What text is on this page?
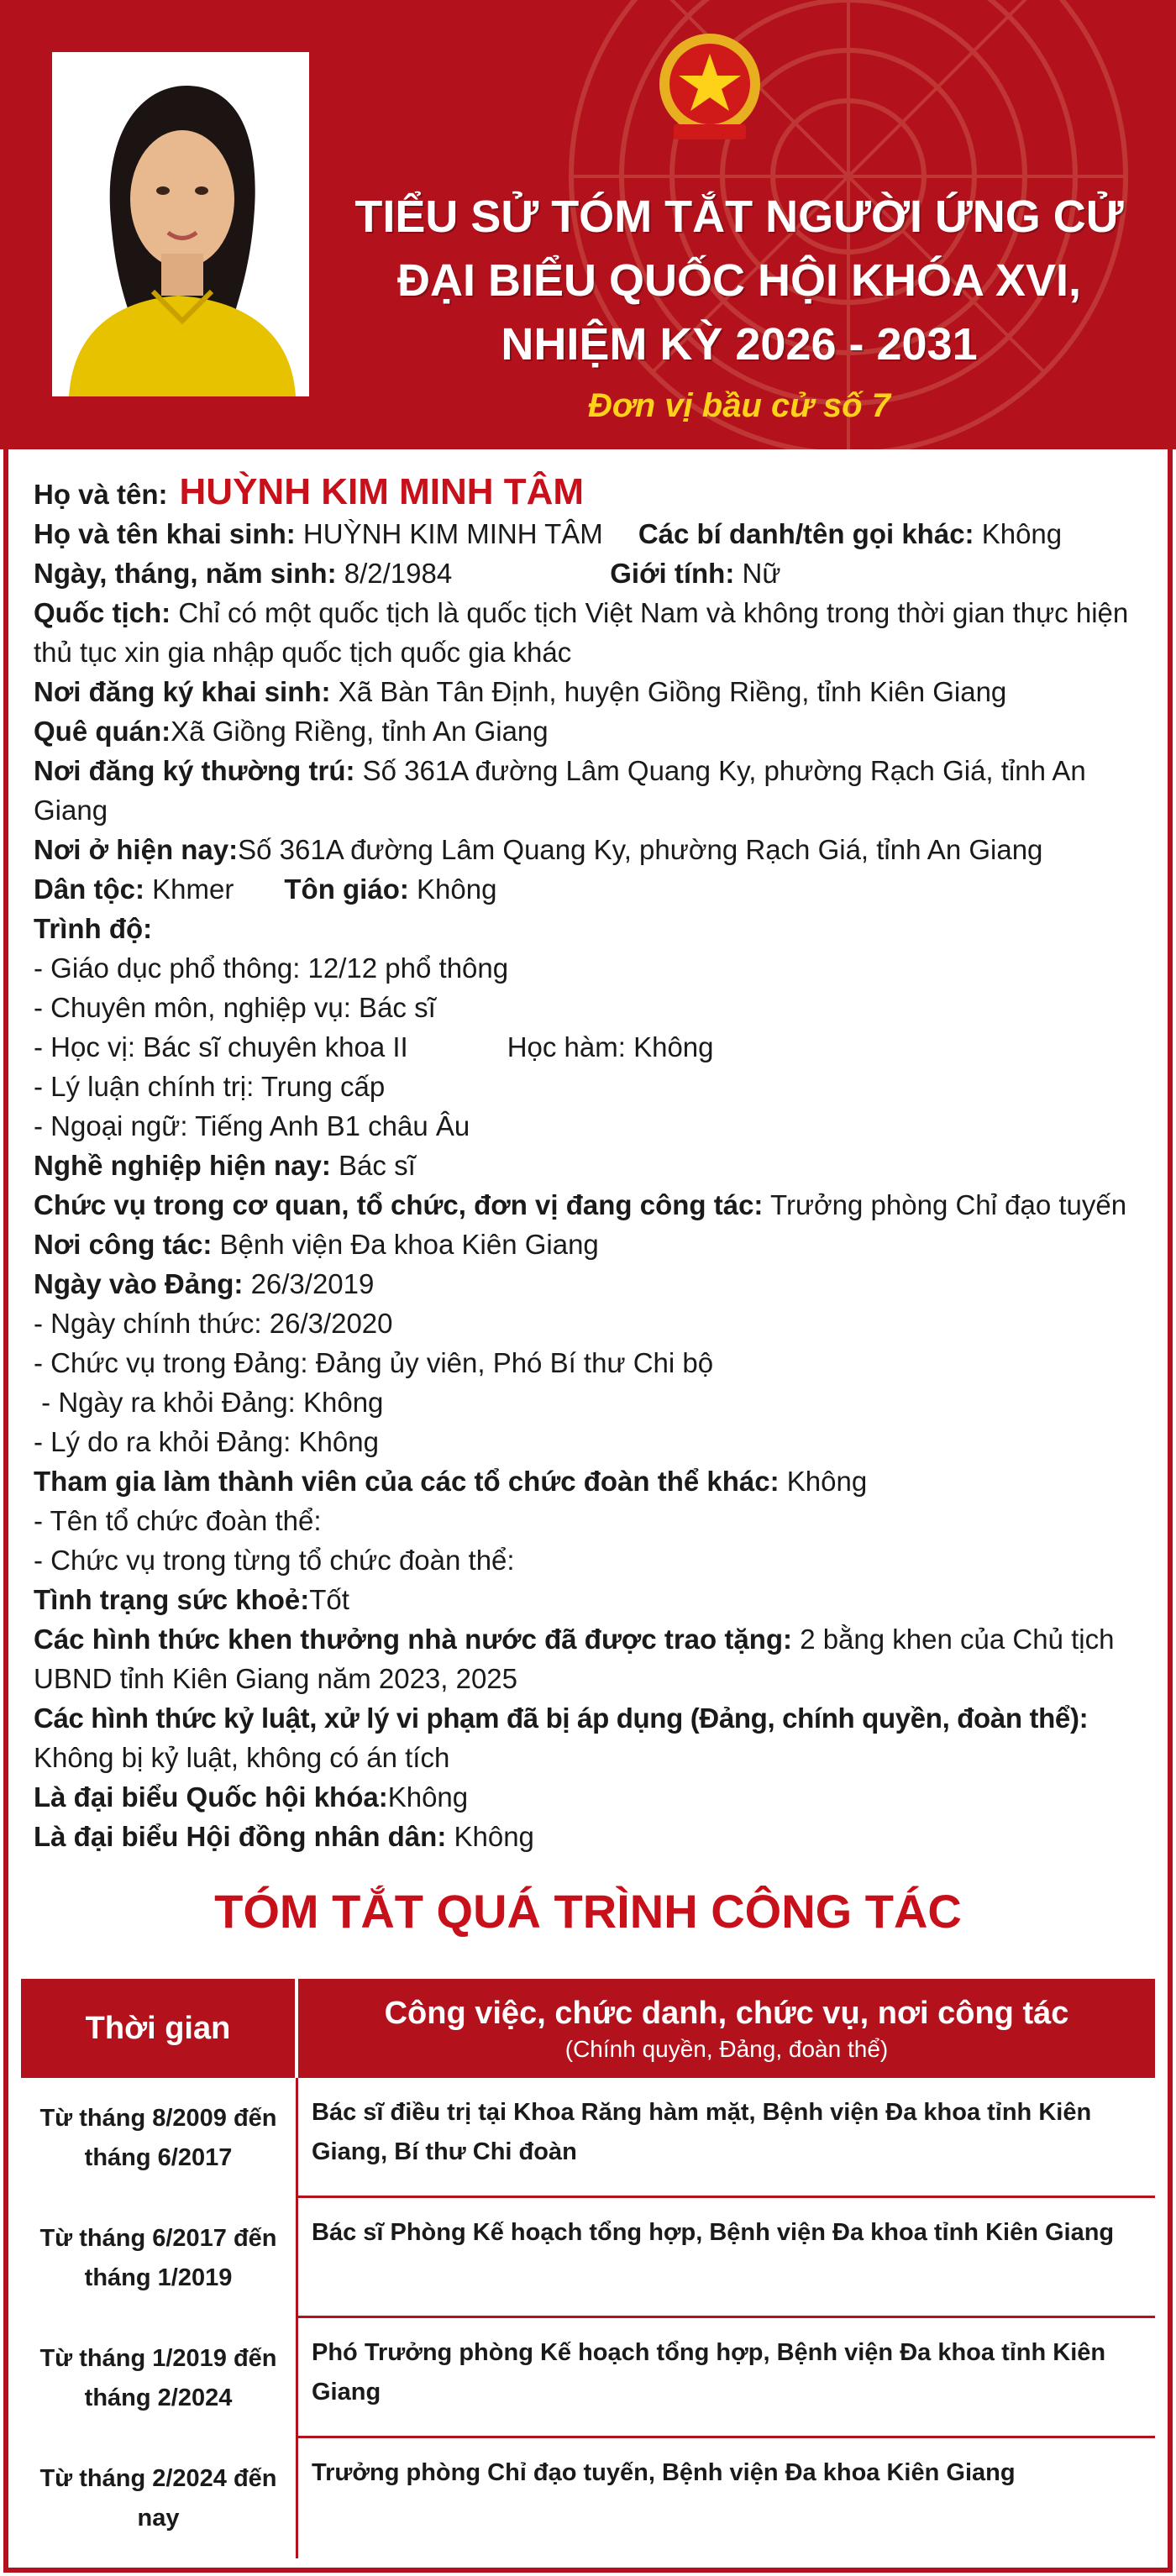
TIỂU SỬ TÓM TẮT NGƯỜI ỨNG CỬ
ĐẠI BIỂU QUỐC HỘI KHÓA XVI,
NHIỆM KỲ 2026 - 2031
Đơn vị bầu cử số 7
Họ và tên: HUỲNH KIM MINH TÂM
Họ và tên khai sinh: HUỲNH KIM MINH TÂM Các bí danh/tên gọi khác: Không
Ngày, tháng, năm sinh: 8/2/1984	Giới tính: Nữ
Quốc tịch: Chỉ có một quốc tịch là quốc tịch Việt Nam và không trong thời gian thực hiện thủ tục xin gia nhập quốc tịch quốc gia khác
Nơi đăng ký khai sinh: Xã Bàn Tân Định, huyện Giồng Riềng, tỉnh Kiên Giang
Quê quán:Xã Giồng Riềng, tỉnh An Giang
Nơi đăng ký thường trú: Số 361A đường Lâm Quang Ky, phường Rạch Giá, tỉnh An Giang
Nơi ở hiện nay:Số 361A đường Lâm Quang Ky, phường Rạch Giá, tỉnh An Giang
Dân tộc: Khmer Tôn giáo: Không
Trình độ:
- Giáo dục phổ thông: 12/12 phổ thông
- Chuyên môn, nghiệp vụ: Bác sĩ
- Học vị: Bác sĩ chuyên khoa II	Học hàm: Không
- Lý luận chính trị: Trung cấp
- Ngoại ngữ: Tiếng Anh B1 châu Âu
Nghề nghiệp hiện nay: Bác sĩ
Chức vụ trong cơ quan, tổ chức, đơn vị đang công tác: Trưởng phòng Chỉ đạo tuyến
Nơi công tác: Bệnh viện Đa khoa Kiên Giang
Ngày vào Đảng: 26/3/2019
- Ngày chính thức: 26/3/2020
- Chức vụ trong Đảng: Đảng ủy viên, Phó Bí thư Chi bộ
- Ngày ra khỏi Đảng: Không
- Lý do ra khỏi Đảng: Không
Tham gia làm thành viên của các tổ chức đoàn thể khác: Không
- Tên tổ chức đoàn thể:
- Chức vụ trong từng tổ chức đoàn thể:
Tình trạng sức khoẻ:Tốt
Các hình thức khen thưởng nhà nước đã được trao tặng: 2 bằng khen của Chủ tịch UBND tỉnh Kiên Giang năm 2023, 2025
Các hình thức kỷ luật, xử lý vi phạm đã bị áp dụng (Đảng, chính quyền, đoàn thể):
Không bị kỷ luật, không có án tích
Là đại biểu Quốc hội khóa:Không
Là đại biểu Hội đồng nhân dân: Không
TÓM TẮT QUÁ TRÌNH CÔNG TÁC
Thời gian	Công việc, chức danh, chức vụ, nơi công tác
(Chính quyền, Đảng, đoàn thể)
Từ tháng 8/2009 đến tháng 6/2017
Bác sĩ điều trị tại Khoa Răng hàm mặt, Bệnh viện Đa khoa tỉnh Kiên Giang, Bí thư Chi đoàn
Từ tháng 6/2017 đến tháng 1/2019
Bác sĩ Phòng Kế hoạch tổng hợp, Bệnh viện Đa khoa tỉnh Kiên Giang
Từ tháng 1/2019 đến tháng 2/2024
Phó Trưởng phòng Kế hoạch tổng hợp, Bệnh viện Đa khoa tỉnh Kiên Giang
Từ tháng 2/2024 đến nay
Trưởng phòng Chỉ đạo tuyến, Bệnh viện Đa khoa Kiên Giang
